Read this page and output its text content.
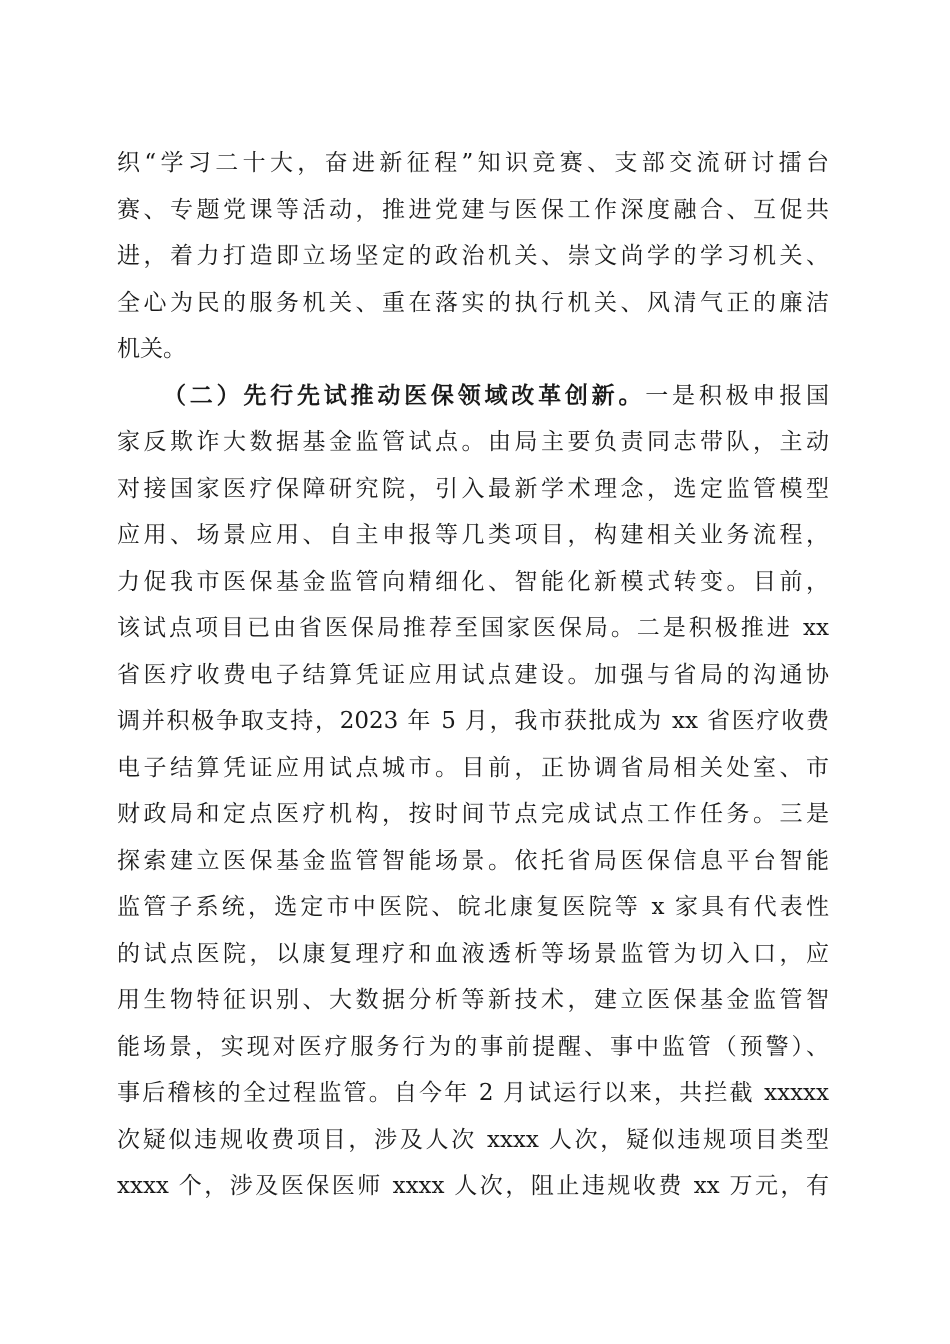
织“学习二十大，奋进新征程”知识竞赛、支部交流研讨擂台
赛、专题党课等活动，推进党建与医保工作深度融合、互促共
进，着力打造即立场坚定的政治机关、崇文尚学的学习机关、
全心为民的服务机关、重在落实的执行机关、风清气正的廉洁
机关。
（二）先行先试推动医保领域改革创新。一是积极申报国
家反欺诈大数据基金监管试点。由局主要负责同志带队，主动
对接国家医疗保障研究院，引入最新学术理念，选定监管模型
应用、场景应用、自主申报等几类项目，构建相关业务流程，
力促我市医保基金监管向精细化、智能化新模式转变。目前，
该试点项目已由省医保局推荐至国家医保局。二是积极推进 xx
省医疗收费电子结算凭证应用试点建设。加强与省局的沟通协
调并积极争取支持，2023 年 5 月，我市获批成为 xx 省医疗收费
电子结算凭证应用试点城市。目前，正协调省局相关处室、市
财政局和定点医疗机构，按时间节点完成试点工作任务。三是
探索建立医保基金监管智能场景。依托省局医保信息平台智能
监管子系统，选定市中医院、皖北康复医院等 x 家具有代表性
的试点医院，以康复理疗和血液透析等场景监管为切入口，应
用生物特征识别、大数据分析等新技术，建立医保基金监管智
能场景，实现对医疗服务行为的事前提醒、事中监管（预警）、
事后稽核的全过程监管。自今年 2 月试运行以来，共拦截 xxxxx
次疑似违规收费项目，涉及人次 xxxx 人次，疑似违规项目类型
xxxx 个，涉及医保医师 xxxx 人次，阻止违规收费 xx 万元，有
